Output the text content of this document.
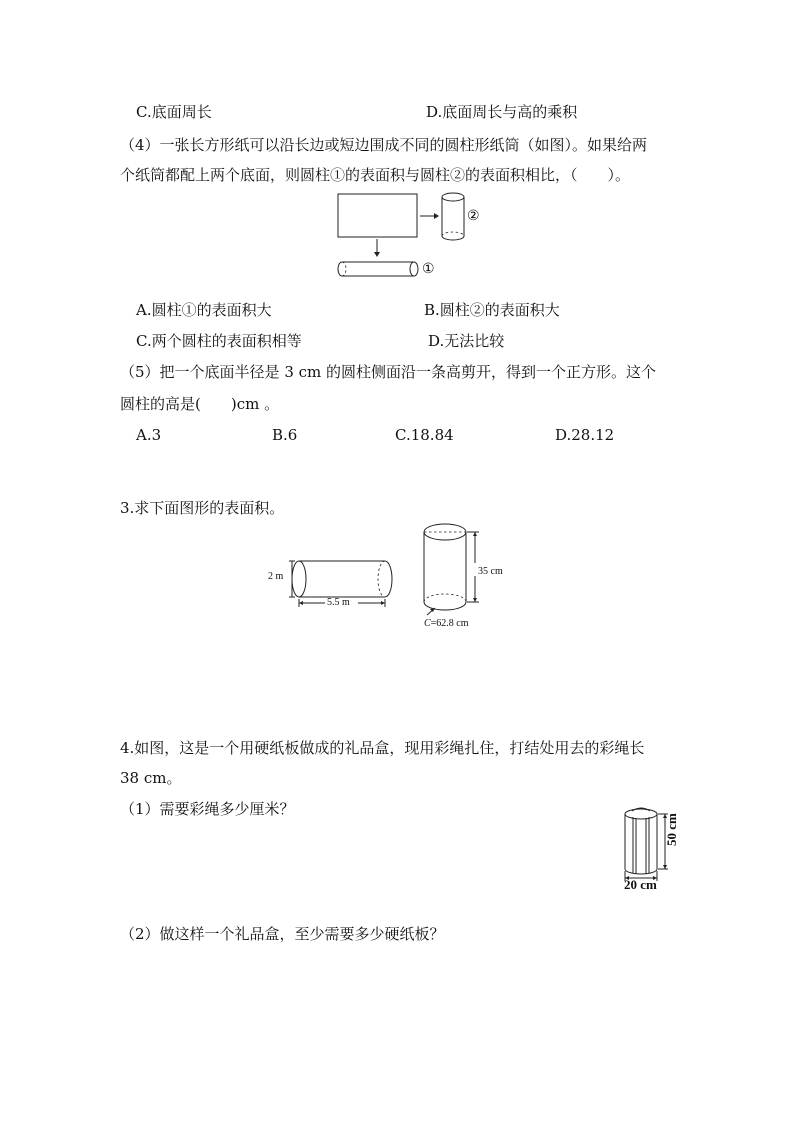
C.底面周长	D.底面周长与高的乘积
（4）一张长方形纸可以沿长边或短边围成不同的圆柱形纸筒（如图）。如果给两
个纸筒都配上两个底面，则圆柱①的表面积与圆柱②的表面积相比，（　　）。
②
①
A.圆柱①的表面积大	B.圆柱②的表面积大
C.两个圆柱的表面积相等	D.无法比较
（5）把一个底面半径是 3 cm 的圆柱侧面沿一条高剪开，得到一个正方形。这个
圆柱的高是(　　)cm 。
A.3	B.6	C.18.84	D.28.12
3.求下面图形的表面积。
2 m
5.5 m
35 cm
C=62.8 cm
4.如图，这是一个用硬纸板做成的礼品盒，现用彩绳扎住，打结处用去的彩绳长
38 cm。
（1）需要彩绳多少厘米？
50 cm
20 cm
（2）做这样一个礼品盒，至少需要多少硬纸板？
